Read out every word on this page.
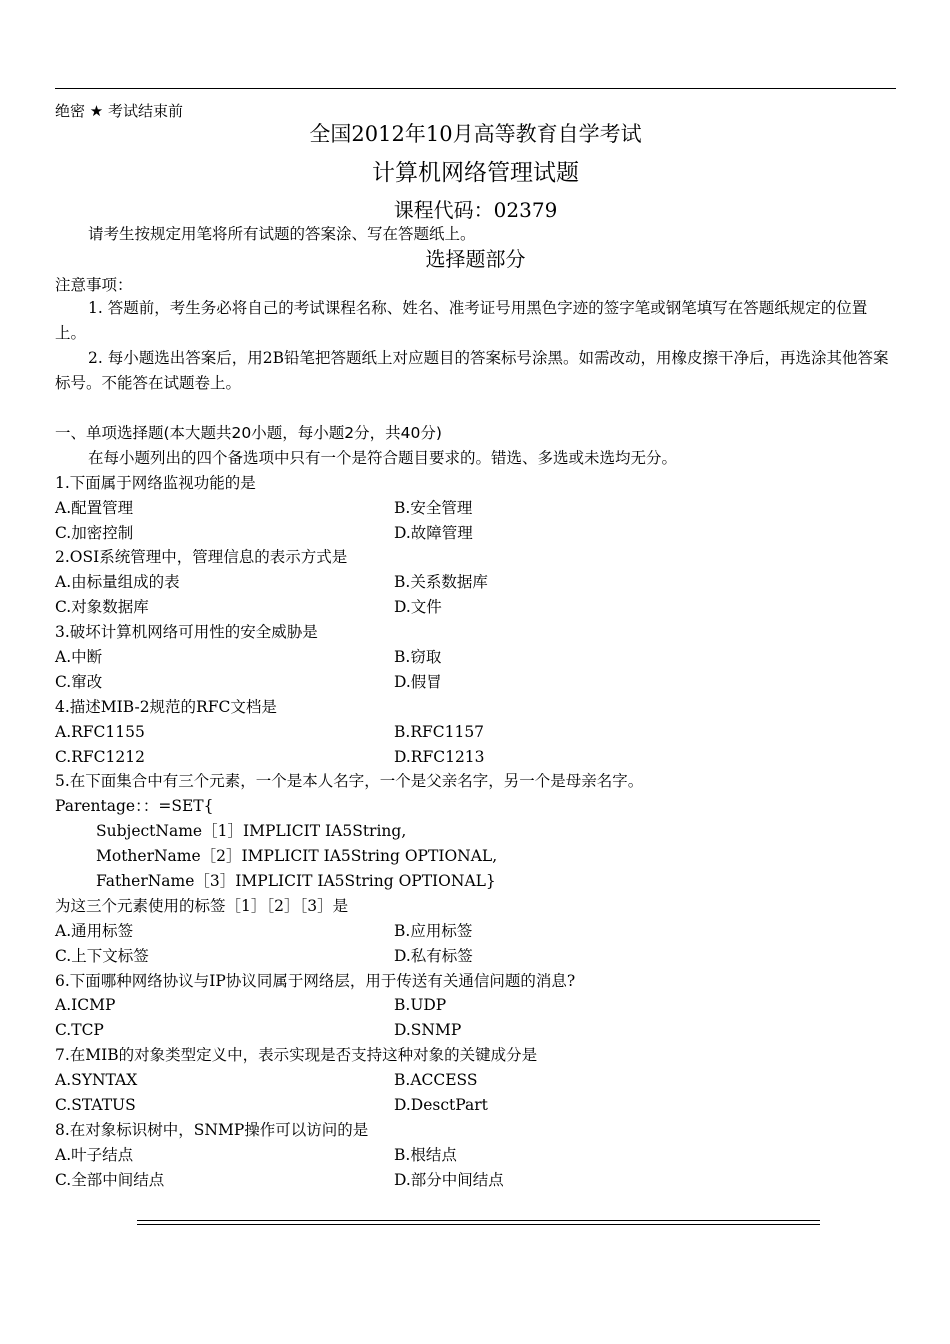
绝密 ★ 考试结束前
全国2012年10月高等教育自学考试
计算机网络管理试题
课程代码：02379
请考生按规定用笔将所有试题的答案涂、写在答题纸上。
选择题部分
注意事项：
1. 答题前，考生务必将自己的考试课程名称、姓名、准考证号用黑色字迹的签字笔或钢笔填写在答题纸规定的位置上。
2. 每小题选出答案后，用2B铅笔把答题纸上对应题目的答案标号涂黑。如需改动，用橡皮擦干净后，再选涂其他答案标号。不能答在试题卷上。
一、单项选择题(本大题共20小题，每小题2分，共40分)
在每小题列出的四个备选项中只有一个是符合题目要求的。错选、多选或未选均无分。
1.下面属于网络监视功能的是
A.配置管理	B.安全管理
C.加密控制	D.故障管理
2.OSI系统管理中，管理信息的表示方式是
A.由标量组成的表	B.关系数据库
C.对象数据库	D.文件
3.破坏计算机网络可用性的安全威胁是
A.中断	B.窃取
C.窜改	D.假冒
4.描述MIB-2规范的RFC文档是
A.RFC1155	B.RFC1157
C.RFC1212	D.RFC1213
5.在下面集合中有三个元素，一个是本人名字，一个是父亲名字，另一个是母亲名字。
Parentage：：=SET{
SubjectName［1］IMPLICIT IA5String,
MotherName［2］IMPLICIT IA5String OPTIONAL,
FatherName［3］IMPLICIT IA5String OPTIONAL}
为这三个元素使用的标签［1］［2］［3］是
A.通用标签	B.应用标签
C.上下文标签	D.私有标签
6.下面哪种网络协议与IP协议同属于网络层，用于传送有关通信问题的消息?
A.ICMP	B.UDP
C.TCP	D.SNMP
7.在MIB的对象类型定义中，表示实现是否支持这种对象的关键成分是
A.SYNTAX	B.ACCESS
C.STATUS	D.DesctPart
8.在对象标识树中，SNMP操作可以访问的是
A.叶子结点	B.根结点
C.全部中间结点	D.部分中间结点
